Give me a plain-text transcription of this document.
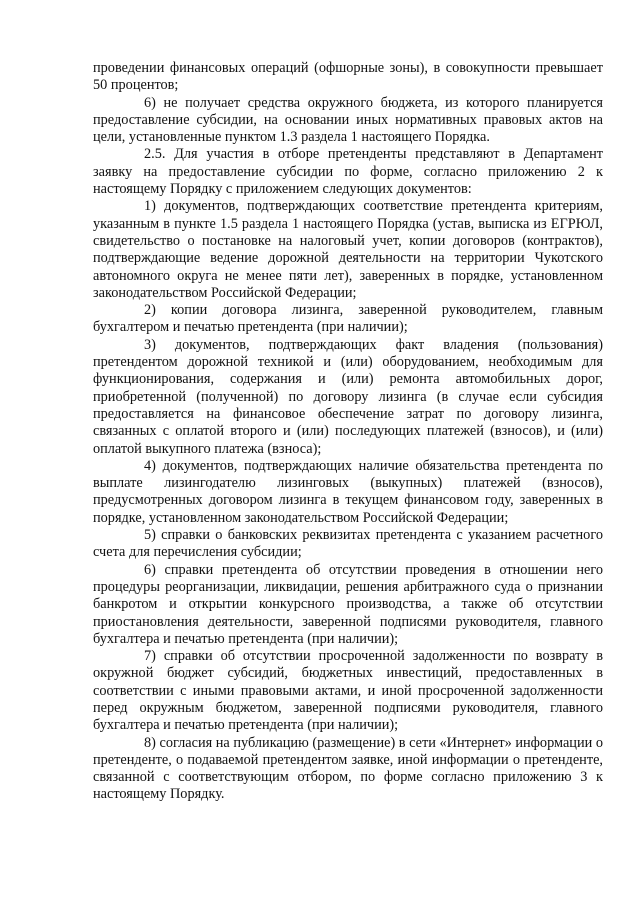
проведении финансовых операций (офшорные зоны), в совокупности превышает 50 процентов;

6) не получает средства окружного бюджета, из которого планируется предоставление субсидии, на основании иных нормативных правовых актов на цели, установленные пунктом 1.3 раздела 1 настоящего Порядка.

2.5. Для участия в отборе претенденты представляют в Департамент заявку на предоставление субсидии по форме, согласно приложению 2 к настоящему Порядку с приложением следующих документов:

1) документов, подтверждающих соответствие претендента критериям, указанным в пункте 1.5 раздела 1 настоящего Порядка (устав, выписка из ЕГРЮЛ, свидетельство о постановке на налоговый учет, копии договоров (контрактов), подтверждающие ведение дорожной деятельности на территории Чукотского автономного округа не менее пяти лет), заверенных в порядке, установленном законодательством Российской Федерации;

2) копии договора лизинга, заверенной руководителем, главным бухгалтером и печатью претендента (при наличии);

3) документов, подтверждающих факт владения (пользования) претендентом дорожной техникой и (или) оборудованием, необходимым для функционирования, содержания и (или) ремонта автомобильных дорог, приобретенной (полученной) по договору лизинга (в случае если субсидия предоставляется на финансовое обеспечение затрат по договору лизинга, связанных с оплатой второго и (или) последующих платежей (взносов), и (или) оплатой выкупного платежа (взноса);

4) документов, подтверждающих наличие обязательства претендента по выплате лизингодателю лизинговых (выкупных) платежей (взносов), предусмотренных договором лизинга в текущем финансовом году, заверенных в порядке, установленном законодательством Российской Федерации;

5) справки о банковских реквизитах претендента с указанием расчетного счета для перечисления субсидии;

6) справки претендента об отсутствии проведения в отношении него процедуры реорганизации, ликвидации, решения арбитражного суда о признании банкротом и открытии конкурсного производства, а также об отсутствии приостановления деятельности, заверенной подписями руководителя, главного бухгалтера и печатью претендента (при наличии);

7) справки об отсутствии просроченной задолженности по возврату в окружной бюджет субсидий, бюджетных инвестиций, предоставленных в соответствии с иными правовыми актами, и иной просроченной задолженности перед окружным бюджетом, заверенной подписями руководителя, главного бухгалтера и печатью претендента (при наличии);

8) согласия на публикацию (размещение) в сети «Интернет» информации о претенденте, о подаваемой претендентом заявке, иной информации о претенденте, связанной с соответствующим отбором, по форме согласно приложению 3 к настоящему Порядку.
